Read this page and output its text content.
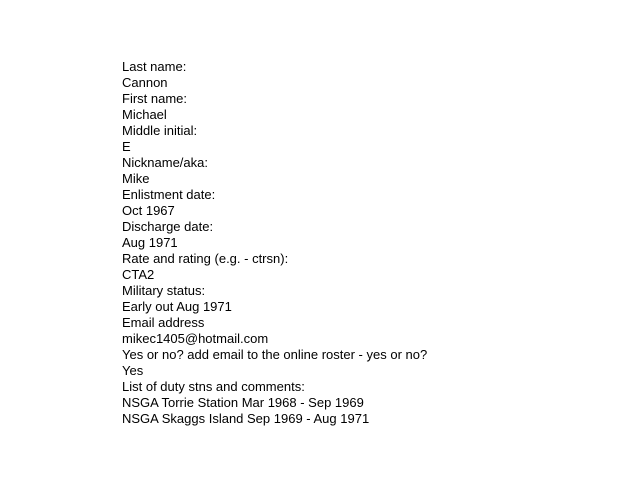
Last name:
Cannon
First name:
Michael
Middle initial:
E
Nickname/aka:
Mike
Enlistment date:
Oct 1967
Discharge date:
Aug 1971
Rate and rating (e.g. - ctrsn):
CTA2
Military status:
Early out Aug 1971
Email address
mikec1405@hotmail.com
Yes or no? add email to the online roster - yes or no?
Yes
List of duty stns and comments:
NSGA Torrie Station Mar 1968 - Sep 1969
NSGA Skaggs Island Sep 1969 - Aug 1971
